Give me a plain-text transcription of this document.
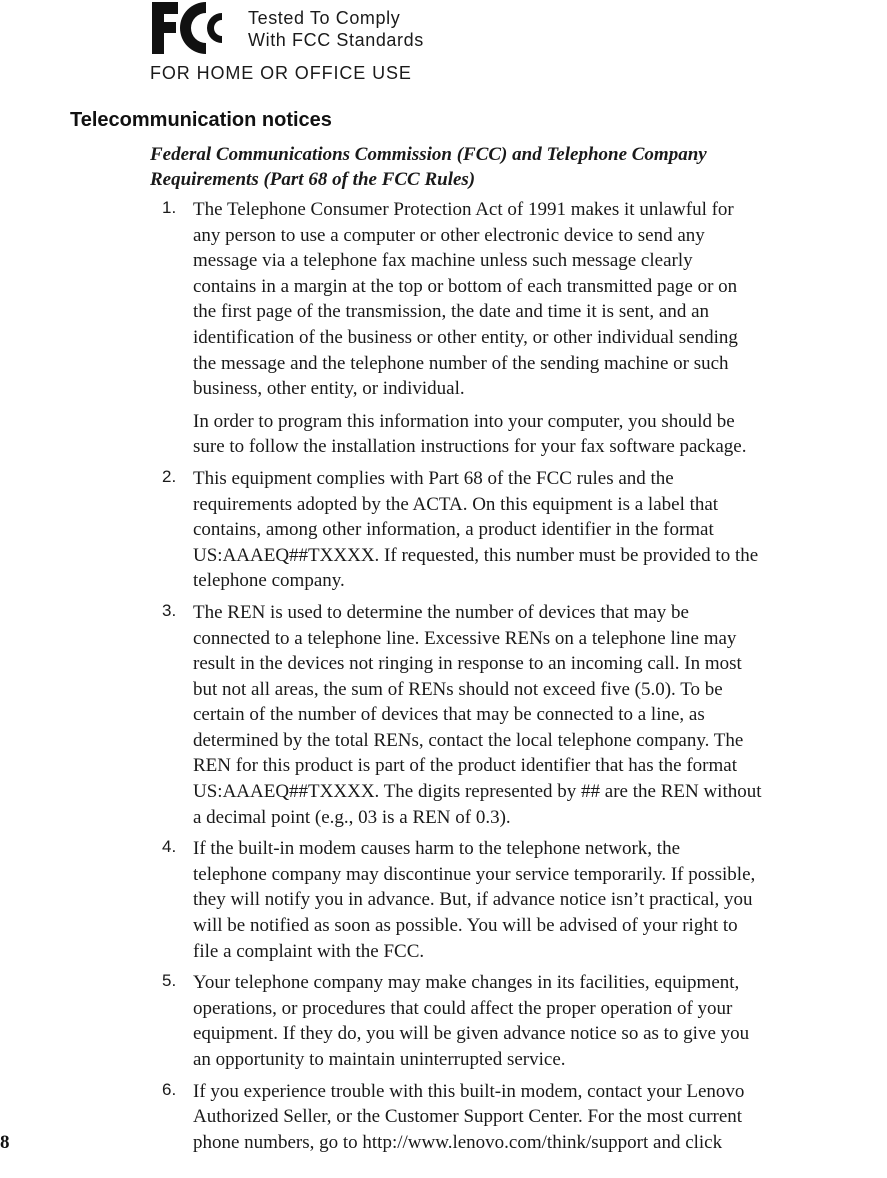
Tested To Comply
With FCC Standards
FOR HOME OR OFFICE USE
Telecommunication notices
Federal Communications Commission (FCC) and Telephone Company
Requirements (Part 68 of the FCC Rules)
1. The Telephone Consumer Protection Act of 1991 makes it unlawful for
any person to use a computer or other electronic device to send any
message via a telephone fax machine unless such message clearly
contains in a margin at the top or bottom of each transmitted page or on
the first page of the transmission, the date and time it is sent, and an
identification of the business or other entity, or other individual sending
the message and the telephone number of the sending machine or such
business, other entity, or individual.
In order to program this information into your computer, you should be
sure to follow the installation instructions for your fax software package.
2. This equipment complies with Part 68 of the FCC rules and the
requirements adopted by the ACTA. On this equipment is a label that
contains, among other information, a product identifier in the format
US:AAAEQ##TXXXX. If requested, this number must be provided to the
telephone company.
3. The REN is used to determine the number of devices that may be
connected to a telephone line. Excessive RENs on a telephone line may
result in the devices not ringing in response to an incoming call. In most
but not all areas, the sum of RENs should not exceed five (5.0). To be
certain of the number of devices that may be connected to a line, as
determined by the total RENs, contact the local telephone company. The
REN for this product is part of the product identifier that has the format
US:AAAEQ##TXXXX. The digits represented by ## are the REN without
a decimal point (e.g., 03 is a REN of 0.3).
4. If the built-in modem causes harm to the telephone network, the
telephone company may discontinue your service temporarily. If possible,
they will notify you in advance. But, if advance notice isn’t practical, you
will be notified as soon as possible. You will be advised of your right to
file a complaint with the FCC.
5. Your telephone company may make changes in its facilities, equipment,
operations, or procedures that could affect the proper operation of your
equipment. If they do, you will be given advance notice so as to give you
an opportunity to maintain uninterrupted service.
6. If you experience trouble with this built-in modem, contact your Lenovo
Authorized Seller, or the Customer Support Center. For the most current
phone numbers, go to http://www.lenovo.com/think/support and click
8
